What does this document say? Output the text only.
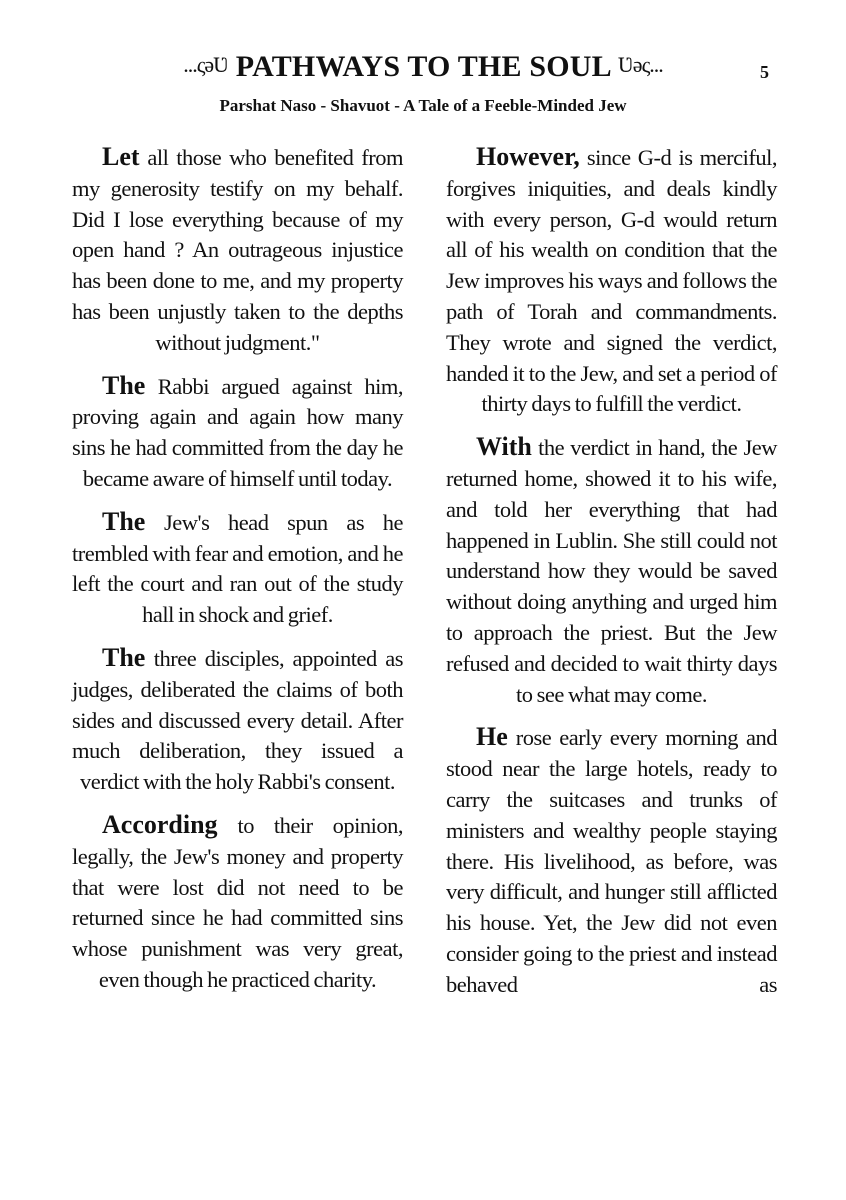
...ςəƲ PATHWAYS TO THE SOUL Ʋəς...	5
Parshat Naso - Shavuot - A Tale of a Feeble-Minded Jew

Let all those who benefited from my generosity testify on my behalf. Did I lose everything because of my open hand ? An outrageous injustice has been done to me, and my property has been unjustly taken to the depths without judgment."

The Rabbi argued against him, proving again and again how many sins he had committed from the day he became aware of himself until today.

The Jew's head spun as he trembled with fear and emotion, and he left the court and ran out of the study hall in shock and grief.

The three disciples, appointed as judges, deliberated the claims of both sides and discussed every detail. After much deliberation, they issued a verdict with the holy Rabbi's consent.

According to their opinion, legally, the Jew's money and property that were lost did not need to be returned since he had committed sins whose punishment was very great, even though he practiced charity.

However, since G-d is merciful, forgives iniquities, and deals kindly with every person, G-d would return all of his wealth on condition that the Jew improves his ways and follows the path of Torah and commandments. They wrote and signed the verdict, handed it to the Jew, and set a period of thirty days to fulfill the verdict.

With the verdict in hand, the Jew returned home, showed it to his wife, and told her everything that had happened in Lublin. She still could not understand how they would be saved without doing anything and urged him to approach the priest. But the Jew refused and decided to wait thirty days to see what may come.

He rose early every morning and stood near the large hotels, ready to carry the suitcases and trunks of ministers and wealthy people staying there. His livelihood, as before, was very difficult, and hunger still afflicted his house. Yet, the Jew did not even consider going to the priest and instead behaved as
